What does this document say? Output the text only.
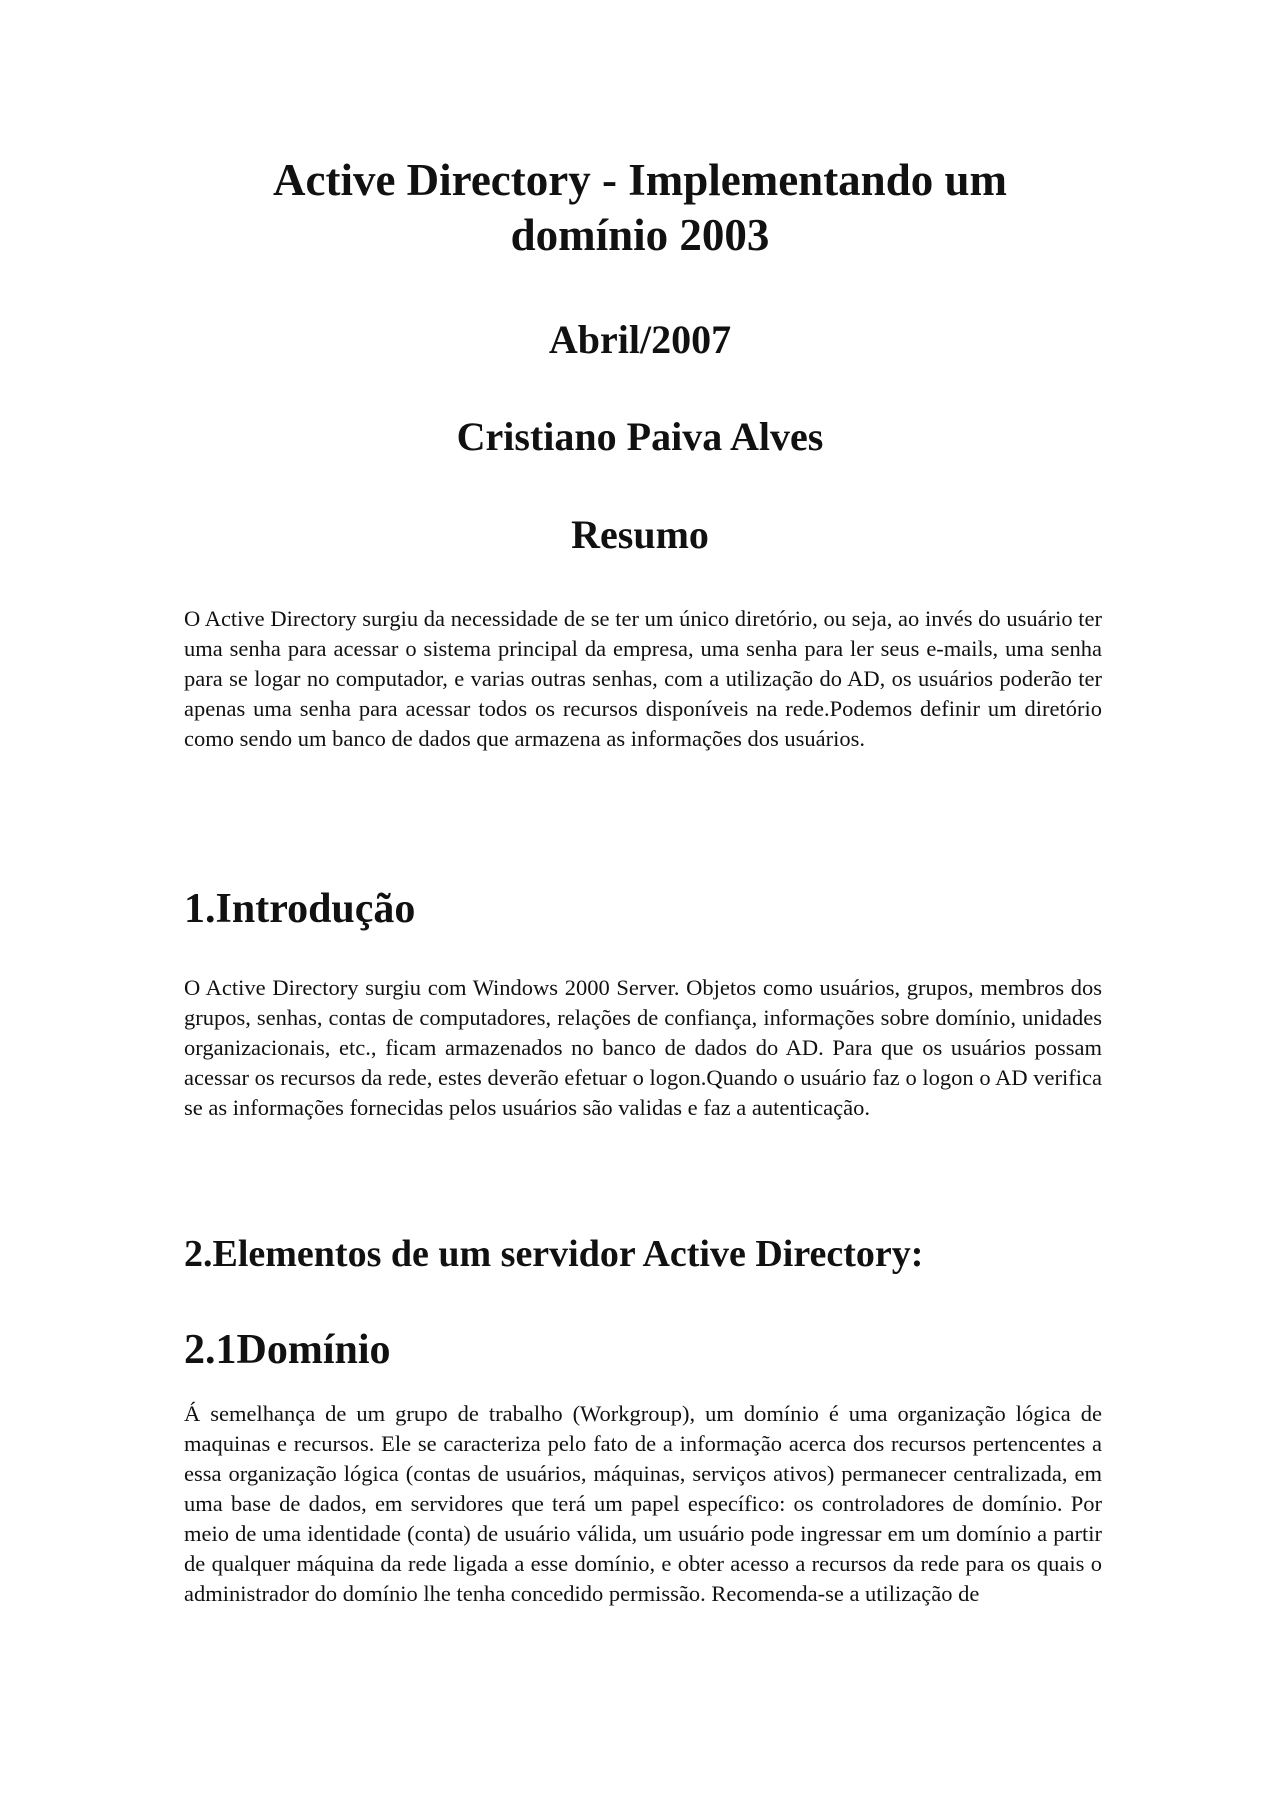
Active Directory - Implementando um
domínio 2003
Abril/2007
Cristiano Paiva Alves
Resumo

O Active Directory surgiu da necessidade de se ter um único diretório, ou seja, ao invés do usuário ter uma senha para acessar o sistema principal da empresa, uma senha para ler seus e-mails, uma senha para se logar no computador, e varias outras senhas, com a utilização do AD, os usuários poderão ter apenas uma senha para acessar todos os recursos disponíveis na rede.Podemos definir um diretório como sendo um banco de dados que armazena as informações dos usuários.

1.Introdução

O Active Directory surgiu com Windows 2000 Server. Objetos como usuários, grupos, membros dos grupos, senhas, contas de computadores, relações de confiança, informações sobre domínio, unidades organizacionais, etc., ficam armazenados no banco de dados do AD. Para que os usuários possam acessar os recursos da rede, estes deverão efetuar o logon.Quando o usuário faz o logon o AD verifica se as informações fornecidas pelos usuários são validas e faz a autenticação.

2.Elementos de um servidor Active Directory:
2.1Domínio

Á semelhança de um grupo de trabalho (Workgroup), um domínio é uma organização lógica de maquinas e recursos. Ele se caracteriza pelo fato de a informação acerca dos recursos pertencentes a essa organização lógica (contas de usuários, máquinas, serviços ativos) permanecer centralizada, em uma base de dados, em servidores que terá um papel específico: os controladores de domínio. Por meio de uma identidade (conta) de usuário válida, um usuário pode ingressar em um domínio a partir de qualquer máquina da rede ligada a esse domínio, e obter acesso a recursos da rede para os quais o administrador do domínio lhe tenha concedido permissão. Recomenda-se a utilização de
